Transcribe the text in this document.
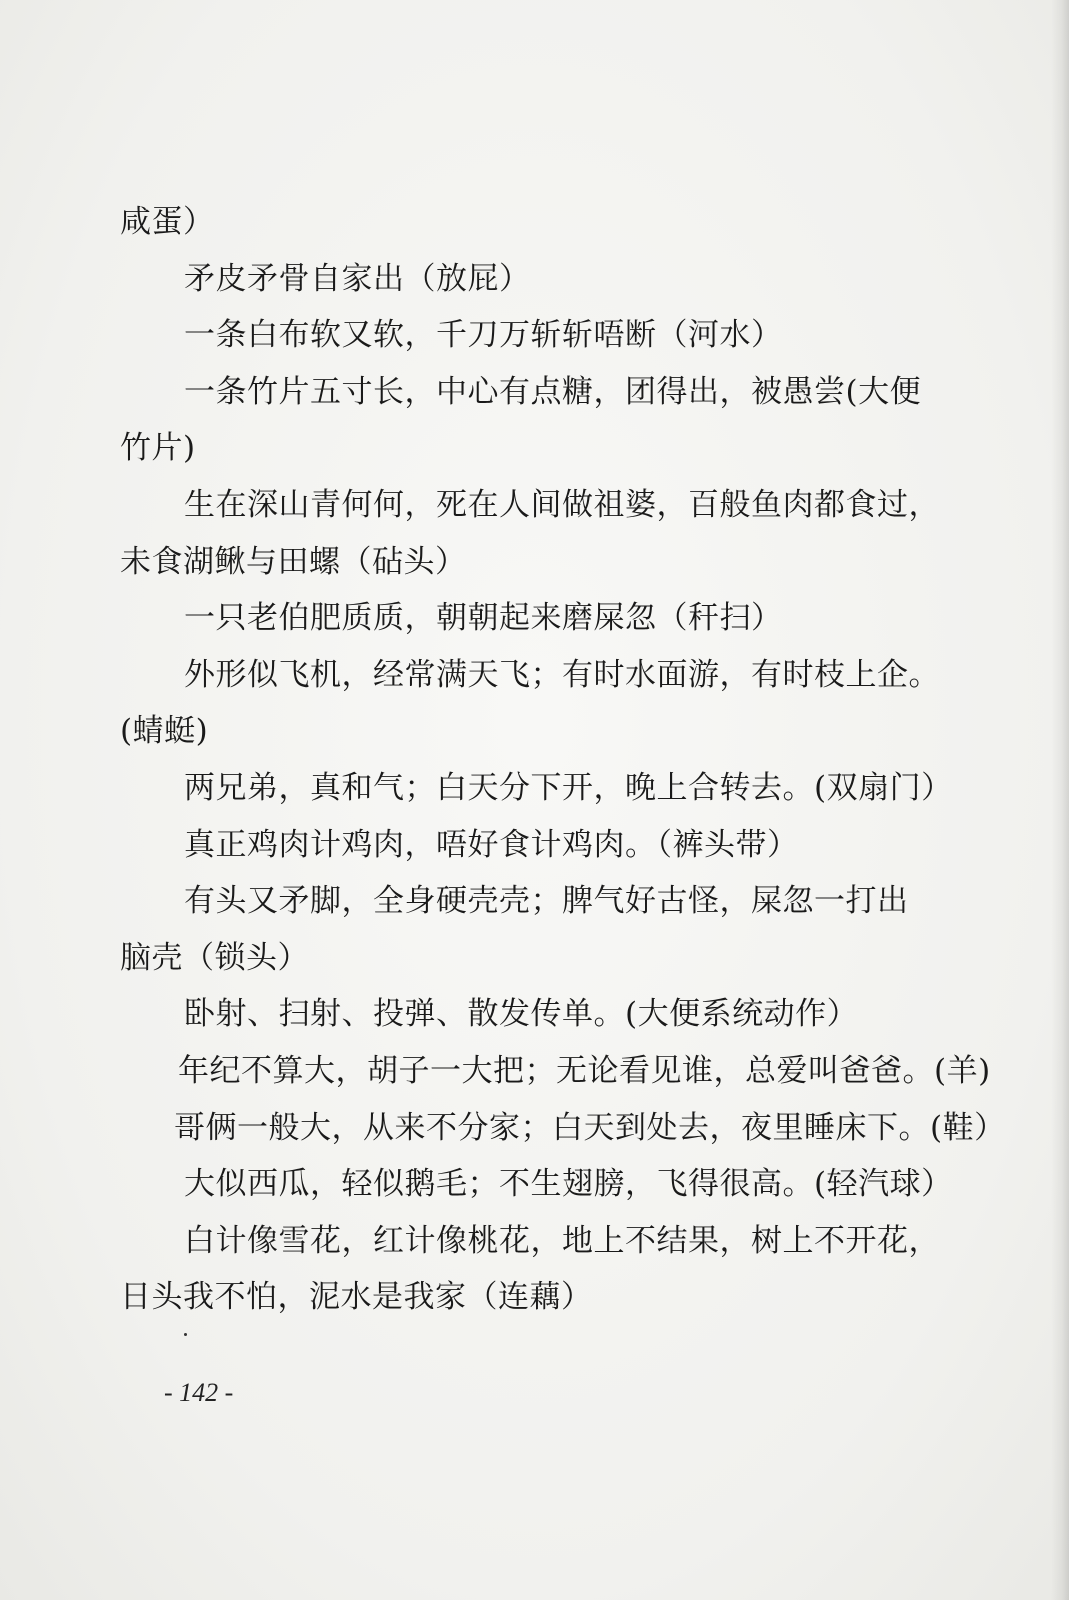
咸蛋）
矛皮矛骨自家出（放屁）
一条白布软又软，千刀万斩斩唔断（河水）
一条竹片五寸长，中心有点糖，团得出，被愚尝(大便
竹片)
生在深山青何何，死在人间做祖婆，百般鱼肉都食过，
未食湖鳅与田螺（砧头）
一只老伯肥质质，朝朝起来磨屎忽（秆扫）
外形似飞机，经常满天飞；有时水面游，有时枝上企。
(蜻蜓)
两兄弟，真和气；白天分下开，晚上合转去。(双扇门）
真正鸡肉计鸡肉，唔好食计鸡肉。（裤头带）
有头又矛脚，全身硬壳壳；脾气好古怪，屎忽一打出
脑壳（锁头）
卧射、扫射、投弹、散发传单。(大便系统动作）
年纪不算大，胡子一大把；无论看见谁，总爱叫爸爸。(羊)
哥俩一般大，从来不分家；白天到处去，夜里睡床下。(鞋）
大似西瓜，轻似鹅毛；不生翅膀，飞得很高。(轻汽球）
白计像雪花，红计像桃花，地上不结果，树上不开花，
日头我不怕，泥水是我家（连藕）
- 142 -
